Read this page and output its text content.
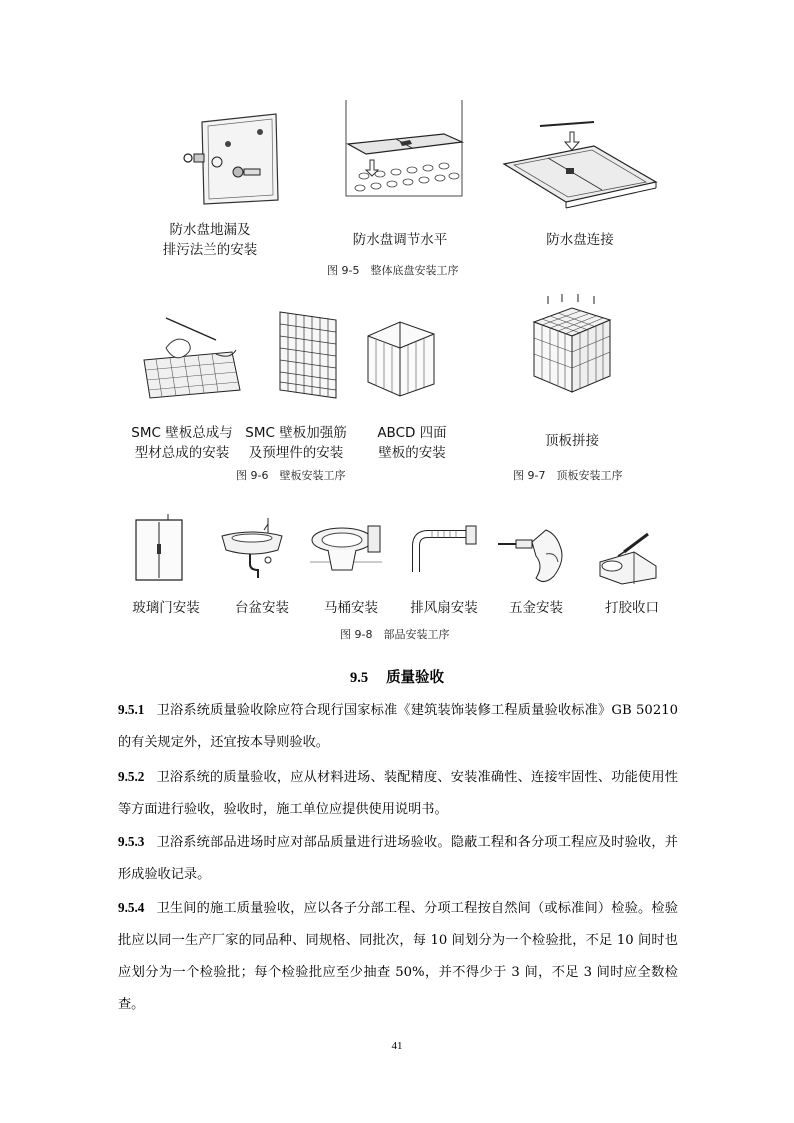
防水盘地漏及
排污法兰的安装
防水盘调节水平	防水盘连接
图 9-5　整体底盘安装工序
SMC 壁板总成与
型材总成的安装
SMC 壁板加强筋
及预埋件的安装
ABCD 四面
壁板的安装
顶板拼接
图 9-6　壁板安装工序	图 9-7　顶板安装工序
玻璃门安装	台盆安装	马桶安装	排风扇安装	五金安装	打胶收口
图 9-8　部品安装工序
9.5 质量验收
9.5.1 卫浴系统质量验收除应符合现行国家标准《建筑装饰装修工程质量验收标准》GB 50210 的有关规定外，还宜按本导则验收。
9.5.2 卫浴系统的质量验收，应从材料进场、装配精度、安装准确性、连接牢固性、功能使用性等方面进行验收，验收时，施工单位应提供使用说明书。
9.5.3 卫浴系统部品进场时应对部品质量进行进场验收。隐蔽工程和各分项工程应及时验收，并形成验收记录。
9.5.4 卫生间的施工质量验收，应以各子分部工程、分项工程按自然间（或标准间）检验。检验批应以同一生产厂家的同品种、同规格、同批次，每 10 间划分为一个检验批，不足 10 间时也应划分为一个检验批；每个检验批应至少抽查 50%，并不得少于 3 间，不足 3 间时应全数检查。
41
